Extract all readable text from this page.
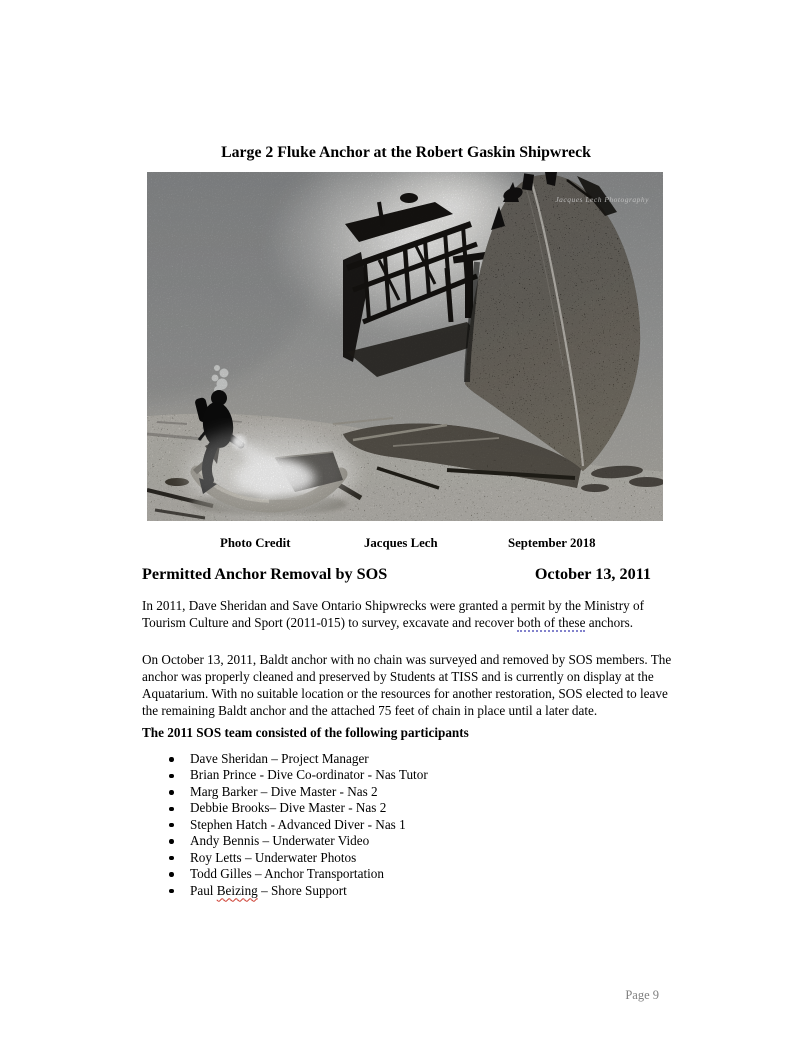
Large 2 Fluke Anchor at the Robert Gaskin Shipwreck
Jacques Lech Photography
Photo Credit	Jacques Lech	September 2018
Permitted Anchor Removal by SOS	October 13, 2011
In 2011, Dave Sheridan and Save Ontario Shipwrecks were granted a permit by the Ministry of Tourism Culture and Sport (2011-015) to survey, excavate and recover both of these anchors.
On October 13, 2011, Baldt anchor with no chain was surveyed and removed by SOS members. The anchor was properly cleaned and preserved by Students at TISS and is currently on display at the Aquatarium. With no suitable location or the resources for another restoration, SOS elected to leave the remaining Baldt anchor and the attached 75 feet of chain in place until a later date.
The 2011 SOS team consisted of the following participants
Dave Sheridan – Project Manager
Brian Prince - Dive Co-ordinator - Nas Tutor
Marg Barker – Dive Master - Nas 2
Debbie Brooks– Dive Master - Nas 2
Stephen Hatch - Advanced Diver - Nas 1
Andy Bennis – Underwater Video
Roy Letts – Underwater Photos
Todd Gilles – Anchor Transportation
Paul Beizing – Shore Support
Page 9
